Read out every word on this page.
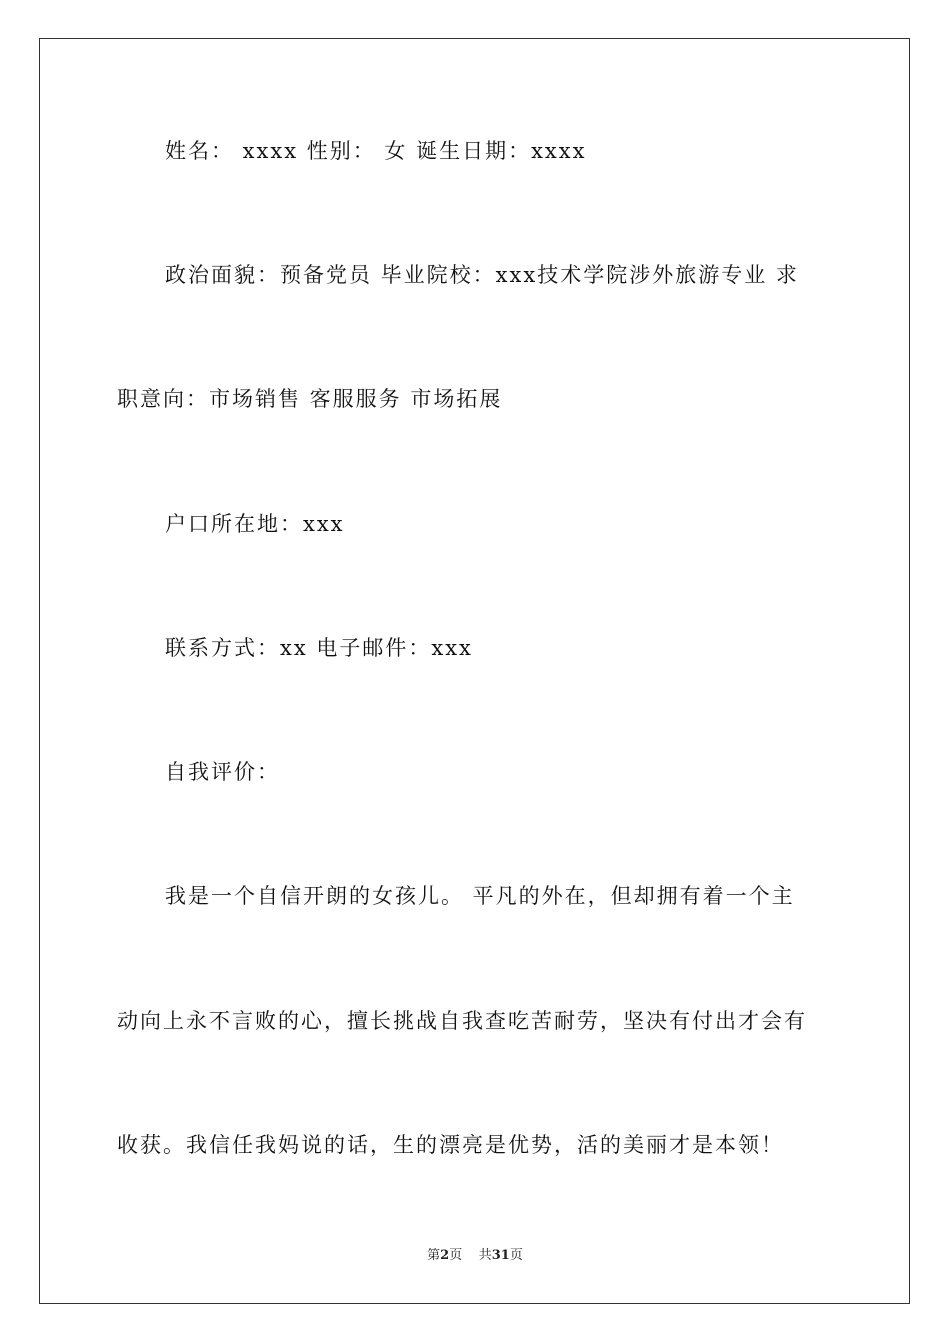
姓名： xxxx 性别： 女 诞生日期：xxxx
政治面貌：预备党员 毕业院校：xxx技术学院涉外旅游专业 求
职意向：市场销售 客服服务 市场拓展
户口所在地：xxx
联系方式：xx 电子邮件：xxx
自我评价：
我是一个自信开朗的女孩儿。 平凡的外在，但却拥有着一个主
动向上永不言败的心，擅长挑战自我查吃苦耐劳，坚决有付出才会有
收获。我信任我妈说的话，生的漂亮是优势，活的美丽才是本领！
第2页 共31页
